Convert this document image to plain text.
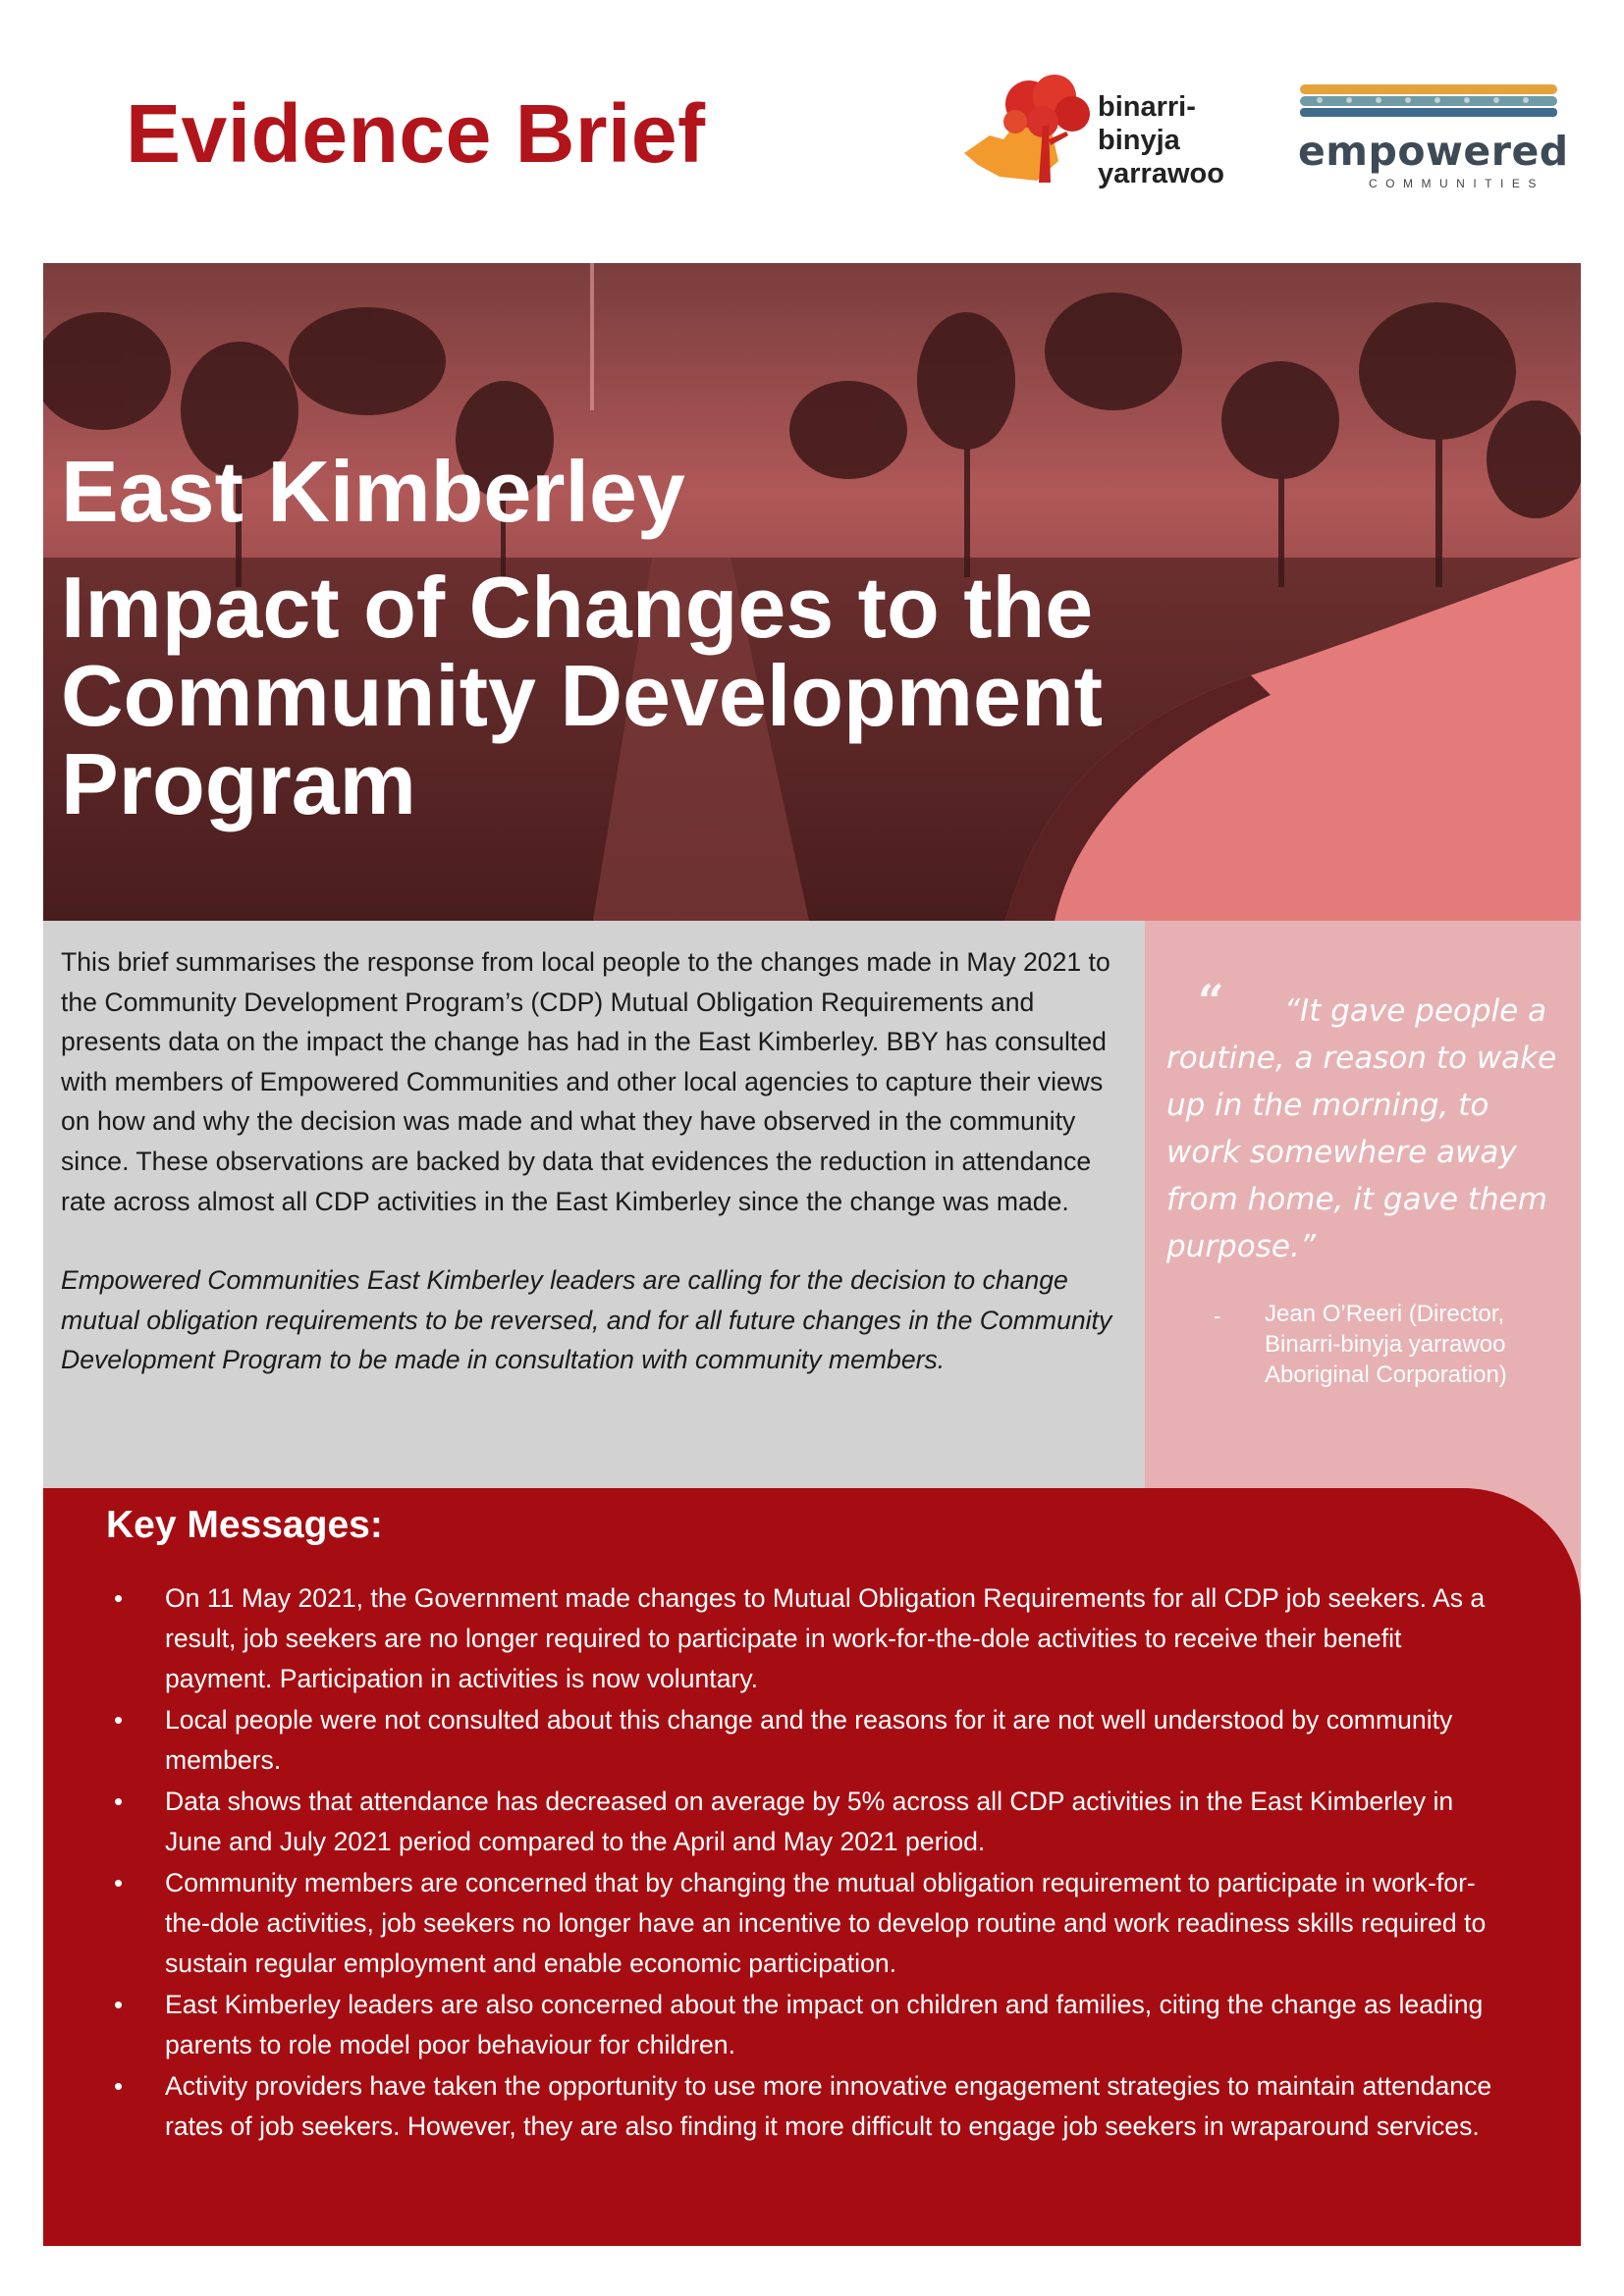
Evidence Brief	binarri-
binyja
yarrawoo empowered
COMMUNITIES
East Kimberley
Impact of Changes to the
Community Development
Program

This brief summarises the response from local people to the changes made in May 2021 to the Community Development Program’s (CDP) Mutual Obligation Requirements and presents data on the impact the change has had in the East Kimberley. BBY has consulted with members of Empowered Communities and other local agencies to capture their views on how and why the decision was made and what they have observed in the community since. These observations are backed by data that evidences the reduction in attendance rate across almost all CDP activities in the East Kimberley since the change was made.

Empowered Communities East Kimberley leaders are calling for the decision to change mutual obligation requirements to be reversed, and for all future changes in the Community Development Program to be made in consultation with community members.

“	“It gave people a routine, a reason to wake up in the morning, to work somewhere away from home, it gave them purpose.”
- Jean O’Reeri (Director, Binarri-binyja yarrawoo Aboriginal Corporation)
Key Messages:
• On 11 May 2021, the Government made changes to Mutual Obligation Requirements for all CDP job seekers. As a result, job seekers are no longer required to participate in work-for-the-dole activities to receive their benefit payment. Participation in activities is now voluntary.
• Local people were not consulted about this change and the reasons for it are not well understood by community members.
• Data shows that attendance has decreased on average by 5% across all CDP activities in the East Kimberley in June and July 2021 period compared to the April and May 2021 period.
• Community members are concerned that by changing the mutual obligation requirement to participate in work-for-the-dole activities, job seekers no longer have an incentive to develop routine and work readiness skills required to sustain regular employment and enable economic participation.
• East Kimberley leaders are also concerned about the impact on children and families, citing the change as leading parents to role model poor behaviour for children.
• Activity providers have taken the opportunity to use more innovative engagement strategies to maintain attendance rates of job seekers. However, they are also finding it more difficult to engage job seekers in wraparound services.
